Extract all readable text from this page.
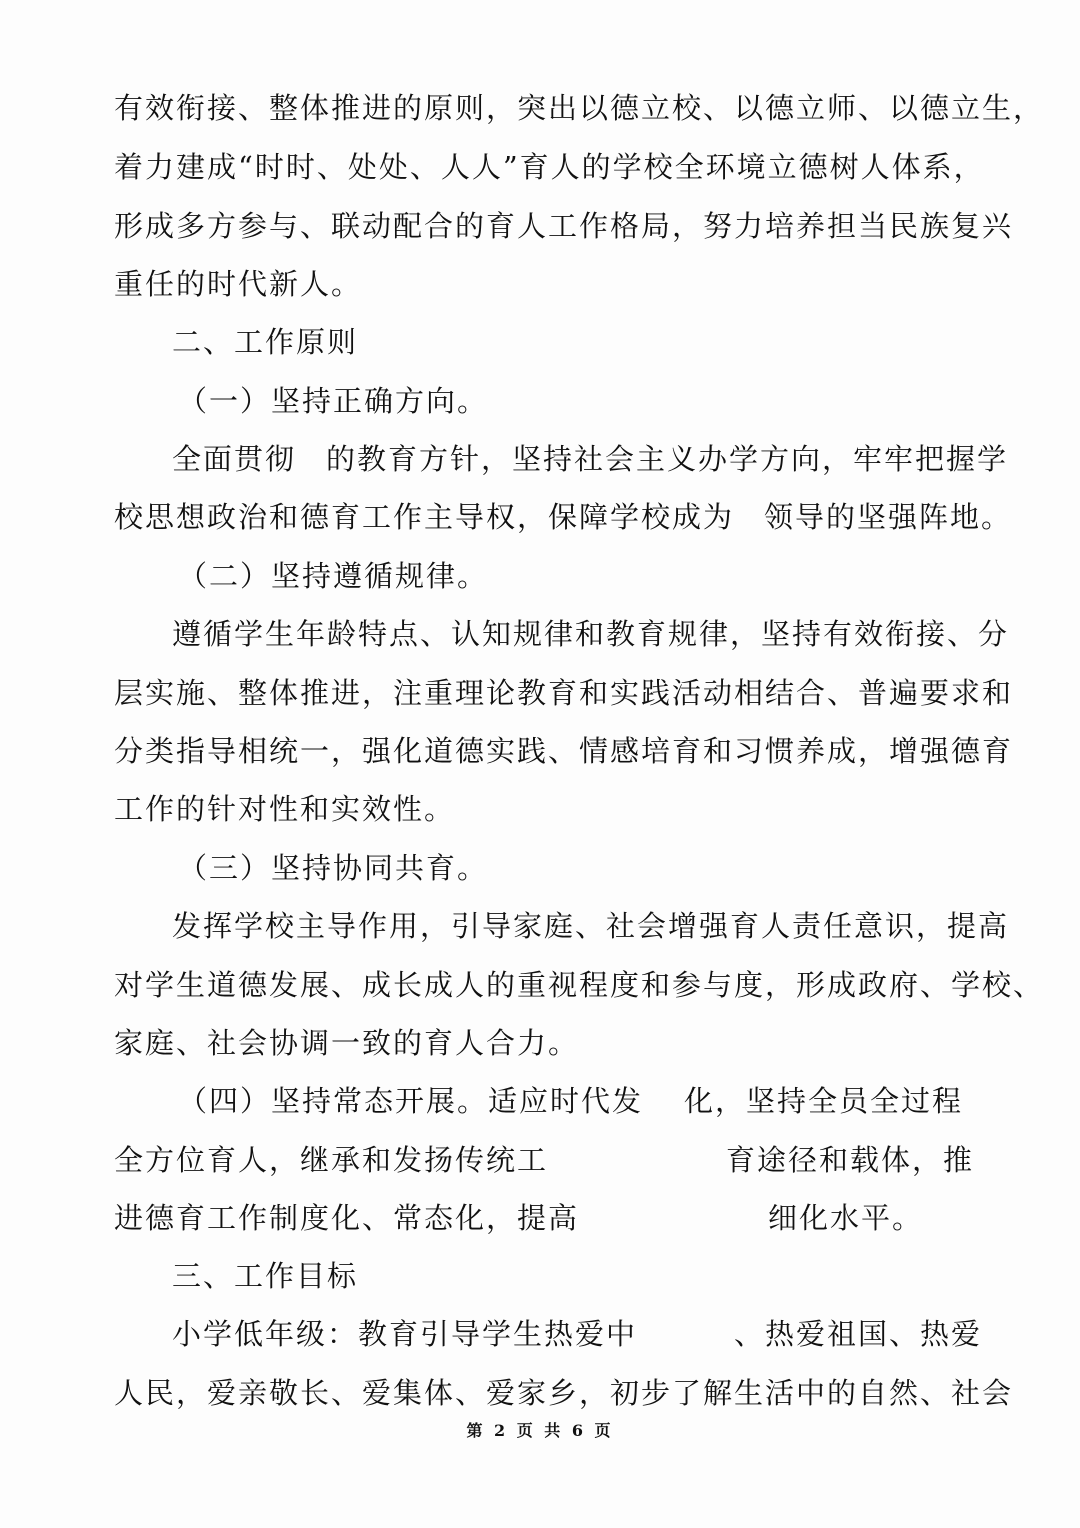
有效衔接、整体推进的原则，突出以德立校、以德立师、以德立生，
着力建成“时时、处处、人人”育人的学校全环境立德树人体系，
形成多方参与、联动配合的育人工作格局，努力培养担当民族复兴
重任的时代新人。
二、工作原则
（一）坚持正确方向。
全面贯彻 的教育方针，坚持社会主义办学方向，牢牢把握学
校思想政治和德育工作主导权，保障学校成为 领导的坚强阵地。
（二）坚持遵循规律。
遵循学生年龄特点、认知规律和教育规律，坚持有效衔接、分
层实施、整体推进，注重理论教育和实践活动相结合、普遍要求和
分类指导相统一，强化道德实践、情感培育和习惯养成，增强德育
工作的针对性和实效性。
（三）坚持协同共育。
发挥学校主导作用，引导家庭、社会增强育人责任意识，提高
对学生道德发展、成长成人的重视程度和参与度，形成政府、学校、
家庭、社会协调一致的育人合力。
（四）坚持常态开展。适应时代发 化，坚持全员全过程
全方位育人，继承和发扬传统工	育途径和载体，推
进德育工作制度化、常态化，提高	细化水平。
三、工作目标
小学低年级：教育引导学生热爱中	、热爱祖国、热爱
人民，爱亲敬长、爱集体、爱家乡，初步了解生活中的自然、社会
第 2 页 共 6 页
